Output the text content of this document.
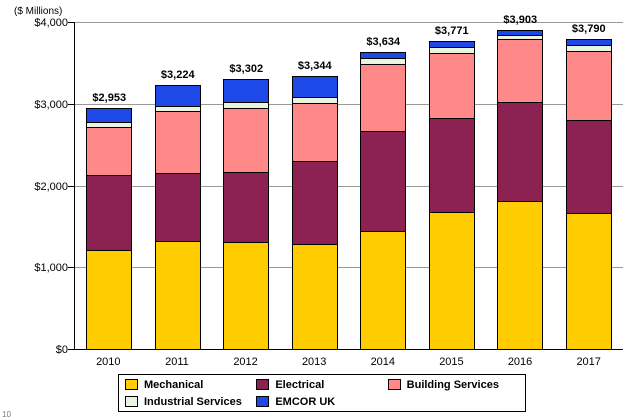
($ Millions)
$0
$1,000
$2,000
$3,000
$4,000
$2,953
$3,224
$3,302	$3,344
$3,634
$3,771
$3,903
$3,790
2010	2011	2012	2013	2014	2015	2016	2017
Mechanical	Electrical	Building Services
Industrial Services	EMCOR UK
10
